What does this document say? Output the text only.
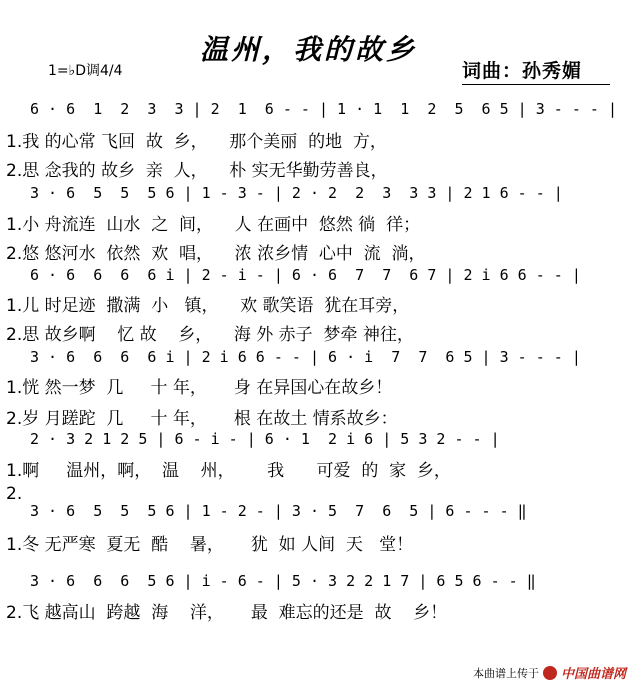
温州，我的故乡
1=♭D调4/4	词曲：孙秀媚
6 · 6  1  2  3  3 | 2  1  6 - - | 1 · 1  1  2  5  6 5 | 3 - - - |
1.我 的心常 飞回  故  乡，    那个美丽  的地  方，
2.思 念我的 故乡  亲  人，    朴 实无华勤劳善良，
3 · 6  5  5  5 6 | 1 - 3 - | 2 · 2  2  3  3 3 | 2 1 6 - - |
1.小 舟流连  山水  之  间，    人 在画中  悠然 徜  徉；
2.悠 悠河水  依然  欢  唱，    浓 浓乡情  心中  流  淌，
6 · 6  6  6  6 i | 2 - i - | 6 · 6  7  7  6 7 | 2 i 6 6 - - |
1.儿 时足迹  撒满  小   镇，    欢 歌笑语  犹在耳旁，
2.思 故乡啊    忆 故    乡，    海 外 赤子  梦牵 神往，
3 · 6  6  6  6 i | 2 i 6 6 - - | 6 · i  7  7  6 5 | 3 - - - |
1.恍 然一梦  几     十 年，     身 在异国心在故乡！
2.岁 月蹉跎  几     十 年，     根 在故土 情系故乡：
2 · 3 2 1 2 5 | 6 - i - | 6 · 1  2 i 6 | 5 3 2 - - |
1.啊     温州，啊，  温    州，      我      可爱  的  家  乡，
2.
3 · 6  5  5  5 6 | 1 - 2 - | 3 · 5  7  6  5 | 6 - - - ‖
1.冬 无严寒  夏无  酷    暑，     犹  如 人间  天   堂！
3 · 6  6  6  5 6 | i - 6 - | 5 · 3 2 2 1 7 | 6 5 6 - - ‖
2.飞 越高山  跨越  海    洋，     最  难忘的还是  故    乡！
本曲谱上传于 中国曲谱网
